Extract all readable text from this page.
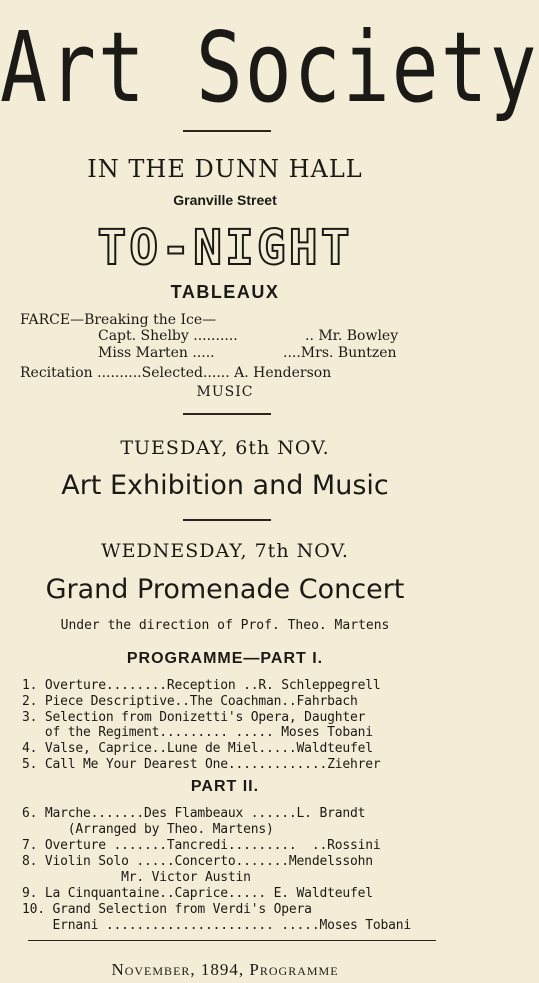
Art Society
IN THE DUNN HALL
Granville Street
TO-NIGHT
TABLEAUX
FARCE—Breaking the Ice—
Capt. Shelby ..........	.. Mr. Bowley
Miss Marten .....	....Mrs. Buntzen
Recitation ..........Selected...... A. Henderson
MUSIC
TUESDAY, 6th NOV.
Art Exhibition and Music
WEDNESDAY, 7th NOV.
Grand Promenade Concert
Under the direction of Prof. Theo. Martens
PROGRAMME—PART I.
1. Overture........Reception ..R. Schleppegrell
2. Piece Descriptive..The Coachman..Fahrbach
3. Selection from Donizetti's Opera, Daughter
of the Regiment......... ..... Moses Tobani
4. Valse, Caprice..Lune de Miel.....Waldteufel
5. Call Me Your Dearest One.............Ziehrer
PART II.
6. Marche.......Des Flambeaux ......L. Brandt
(Arranged by Theo. Martens)
7. Overture .......Tancredi.........  ..Rossini
8. Violin Solo .....Concerto.......Mendelssohn
Mr. Victor Austin
9. La Cinquantaine..Caprice..... E. Waldteufel
10. Grand Selection from Verdi's Opera
Ernani ...................... .....Moses Tobani
November, 1894, Programme
